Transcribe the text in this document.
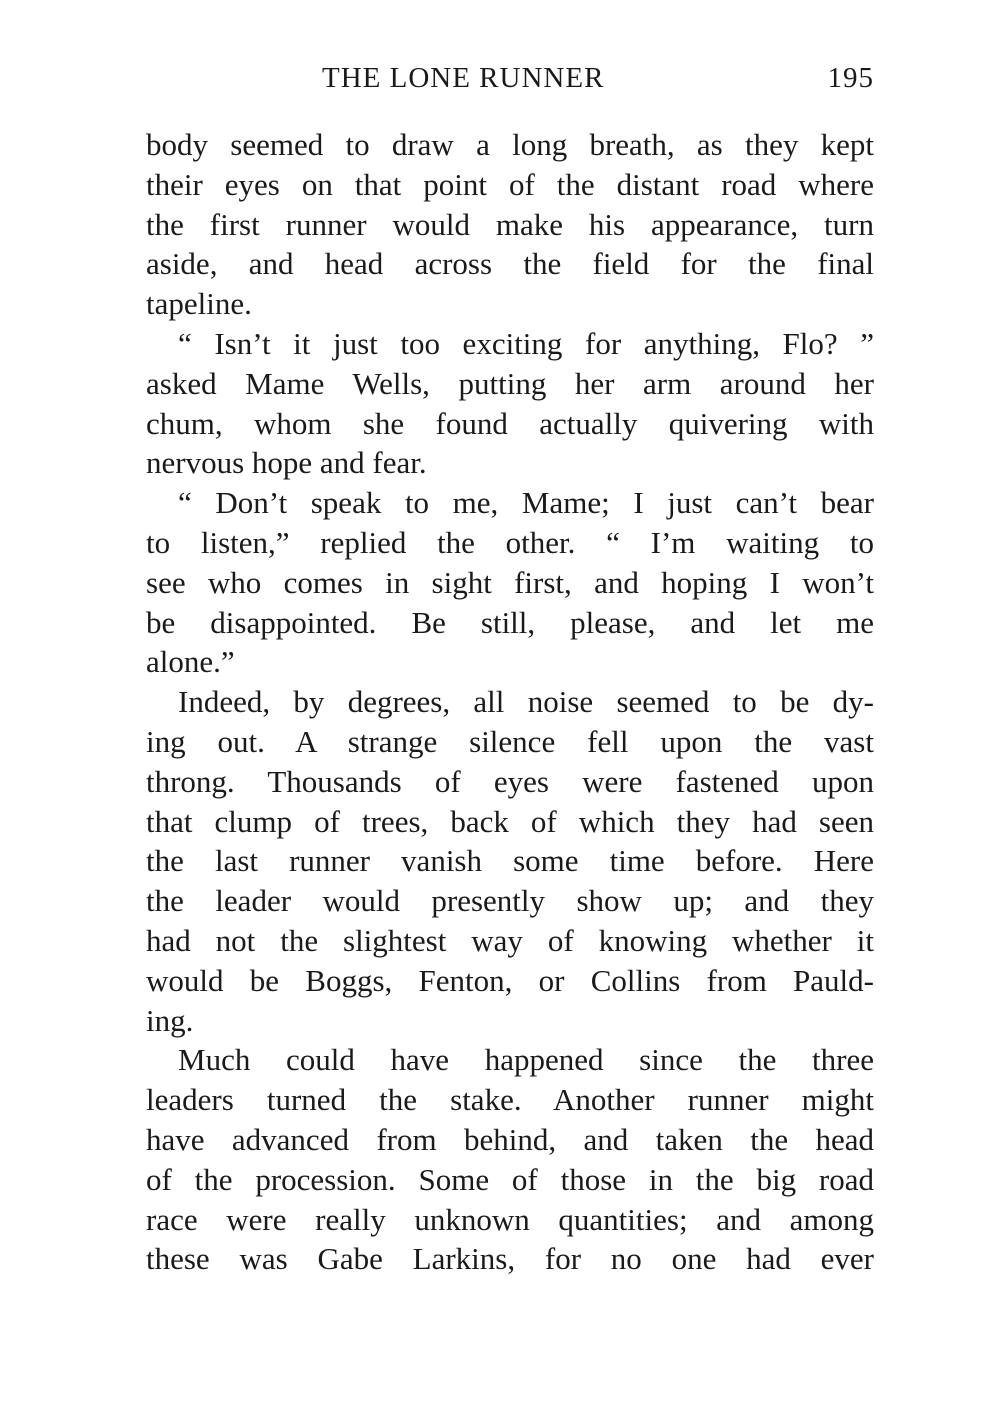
THE LONE RUNNER	195
body seemed to draw a long breath, as they kept
their eyes on that point of the distant road where
the first runner would make his appearance, turn
aside, and head across the field for the final
tapeline.
“ Isn’t it just too exciting for anything, Flo? ”
asked Mame Wells, putting her arm around her
chum, whom she found actually quivering with
nervous hope and fear.
“ Don’t speak to me, Mame; I just can’t bear
to listen,” replied the other. “ I’m waiting to
see who comes in sight first, and hoping I won’t
be disappointed. Be still, please, and let me
alone.”
Indeed, by degrees, all noise seemed to be dy-
ing out. A strange silence fell upon the vast
throng. Thousands of eyes were fastened upon
that clump of trees, back of which they had seen
the last runner vanish some time before. Here
the leader would presently show up; and they
had not the slightest way of knowing whether it
would be Boggs, Fenton, or Collins from Pauld-
ing.
Much could have happened since the three
leaders turned the stake. Another runner might
have advanced from behind, and taken the head
of the procession. Some of those in the big road
race were really unknown quantities; and among
these was Gabe Larkins, for no one had ever
